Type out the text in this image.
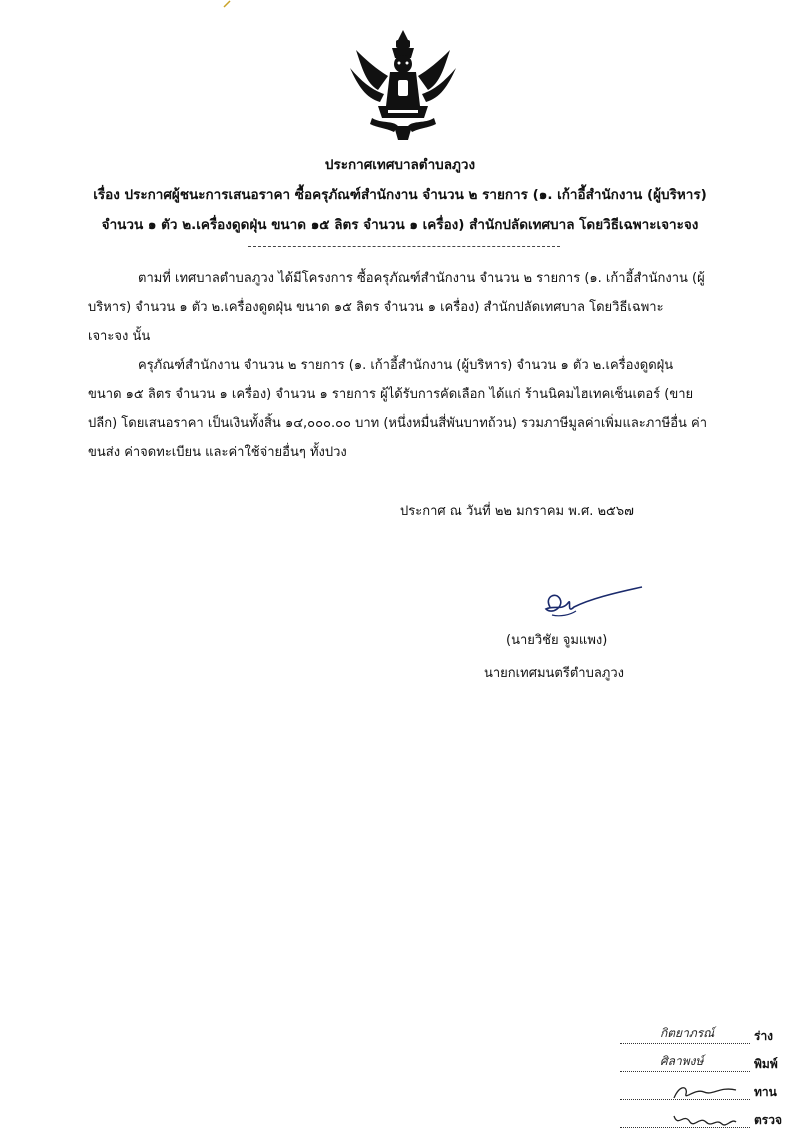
ประกาศเทศบาลตำบลภูวง
เรื่อง ประกาศผู้ชนะการเสนอราคา ซื้อครุภัณฑ์สำนักงาน จำนวน ๒ รายการ (๑. เก้าอี้สำนักงาน (ผู้บริหาร)
จำนวน ๑ ตัว ๒.เครื่องดูดฝุ่น ขนาด ๑๕ ลิตร จำนวน ๑ เครื่อง) สำนักปลัดเทศบาล โดยวิธีเฉพาะเจาะจง
ตามที่ เทศบาลตำบลภูวง ได้มีโครงการ ซื้อครุภัณฑ์สำนักงาน จำนวน ๒ รายการ (๑. เก้าอี้สำนักงาน (ผู้
บริหาร) จำนวน ๑ ตัว ๒.เครื่องดูดฝุ่น ขนาด ๑๕ ลิตร จำนวน ๑ เครื่อง) สำนักปลัดเทศบาล โดยวิธีเฉพาะ
เจาะจง นั้น
ครุภัณฑ์สำนักงาน จำนวน ๒ รายการ (๑. เก้าอี้สำนักงาน (ผู้บริหาร) จำนวน ๑ ตัว ๒.เครื่องดูดฝุ่น
ขนาด ๑๕ ลิตร จำนวน ๑ เครื่อง) จำนวน ๑ รายการ ผู้ได้รับการคัดเลือก ได้แก่ ร้านนิคมไฮเทคเซ็นเตอร์ (ขาย
ปลีก) โดยเสนอราคา เป็นเงินทั้งสิ้น ๑๔,๐๐๐.๐๐ บาท (หนึ่งหมื่นสี่พันบาทถ้วน) รวมภาษีมูลค่าเพิ่มและภาษีอื่น ค่า
ขนส่ง ค่าจดทะเบียน และค่าใช้จ่ายอื่นๆ ทั้งปวง
ประกาศ ณ วันที่ ๒๒ มกราคม พ.ศ. ๒๕๖๗
(นายวิชัย จูมแพง)
นายกเทศมนตรีตำบลภูวง
กิตยาภรณ์	ร่าง
ศิลาพงษ์	พิมพ์
ทาน
ตรวจ
